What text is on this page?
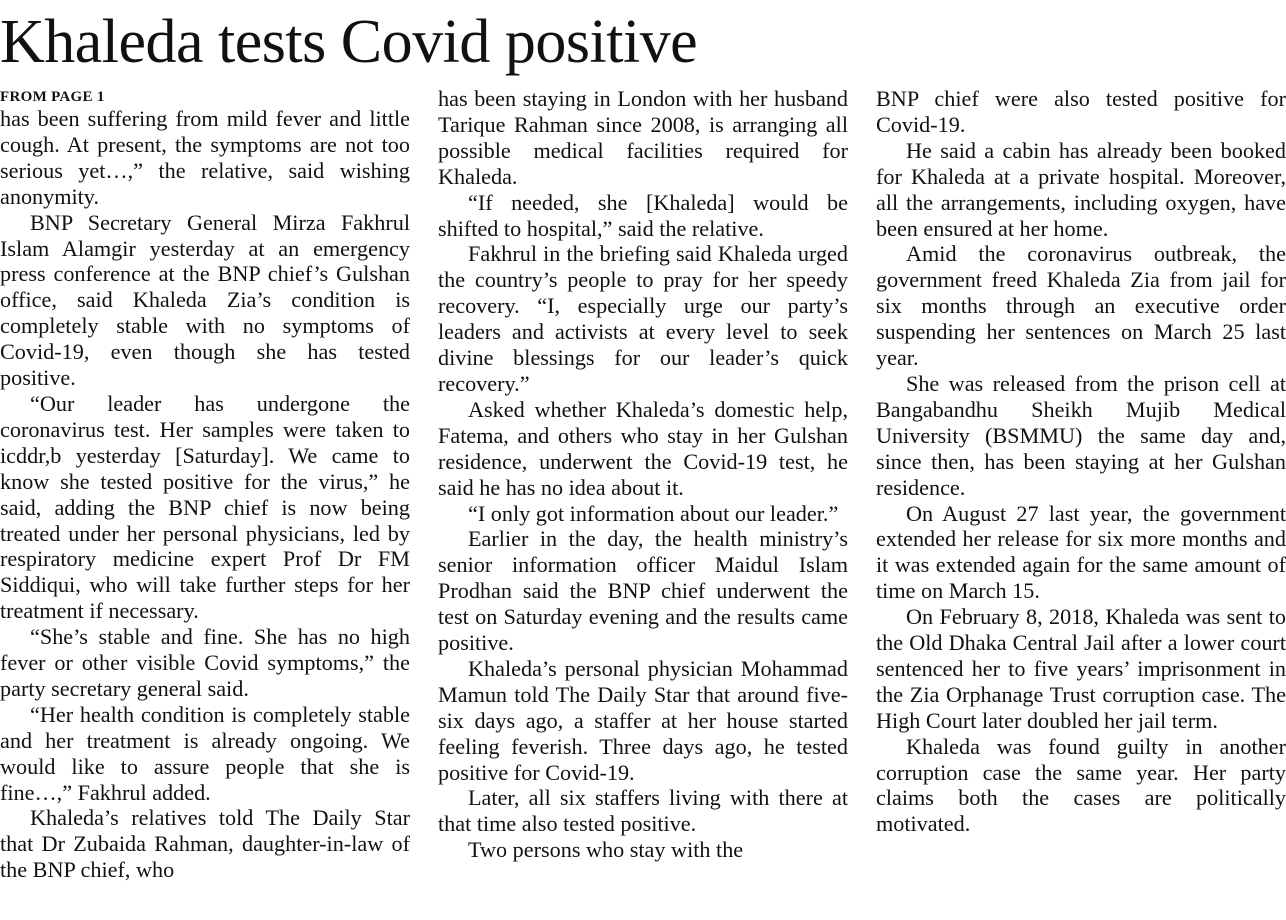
Khaleda tests Covid positive
FROM PAGE 1

has been suffering from mild fever and little cough. At present, the symptoms are not too serious yet…,” the relative, said wishing anonymity.

BNP Secretary General Mirza Fakhrul Islam Alamgir yesterday at an emergency press conference at the BNP chief’s Gulshan office, said Khaleda Zia’s condition is completely stable with no symptoms of Covid-19, even though she has tested positive.

“Our leader has undergone the coronavirus test. Her samples were taken to icddr,b yesterday [Saturday]. We came to know she tested positive for the virus,” he said, adding the BNP chief is now being treated under her personal physicians, led by respiratory medicine expert Prof Dr FM Siddiqui, who will take further steps for her treatment if necessary.

“She’s stable and fine. She has no high fever or other visible Covid symptoms,” the party secretary general said.

“Her health condition is completely stable and her treatment is already ongoing. We would like to assure people that she is fine…,” Fakhrul added.

Khaleda’s relatives told The Daily Star that Dr Zubaida Rahman, daughter-in-law of the BNP chief, who

has been staying in London with her husband Tarique Rahman since 2008, is arranging all possible medical facilities required for Khaleda.

“If needed, she [Khaleda] would be shifted to hospital,” said the relative.

Fakhrul in the briefing said Khaleda urged the country’s people to pray for her speedy recovery. “I, especially urge our party’s leaders and activists at every level to seek divine blessings for our leader’s quick recovery.”

Asked whether Khaleda’s domestic help, Fatema, and others who stay in her Gulshan residence, underwent the Covid-19 test, he said he has no idea about it.

“I only got information about our leader.”

Earlier in the day, the health ministry’s senior information officer Maidul Islam Prodhan said the BNP chief underwent the test on Saturday evening and the results came positive.

Khaleda’s personal physician Mohammad Mamun told The Daily Star that around five-six days ago, a staffer at her house started feeling feverish. Three days ago, he tested positive for Covid-19.

Later, all six staffers living with there at that time also tested positive.

Two persons who stay with the

BNP chief were also tested positive for Covid-19.

He said a cabin has already been booked for Khaleda at a private hospital. Moreover, all the arrangements, including oxygen, have been ensured at her home.

Amid the coronavirus outbreak, the government freed Khaleda Zia from jail for six months through an executive order suspending her sentences on March 25 last year.

She was released from the prison cell at Bangabandhu Sheikh Mujib Medical University (BSMMU) the same day and, since then, has been staying at her Gulshan residence.

On August 27 last year, the government extended her release for six more months and it was extended again for the same amount of time on March 15.

On February 8, 2018, Khaleda was sent to the Old Dhaka Central Jail after a lower court sentenced her to five years’ imprisonment in the Zia Orphanage Trust corruption case. The High Court later doubled her jail term.

Khaleda was found guilty in another corruption case the same year. Her party claims both the cases are politically motivated.
